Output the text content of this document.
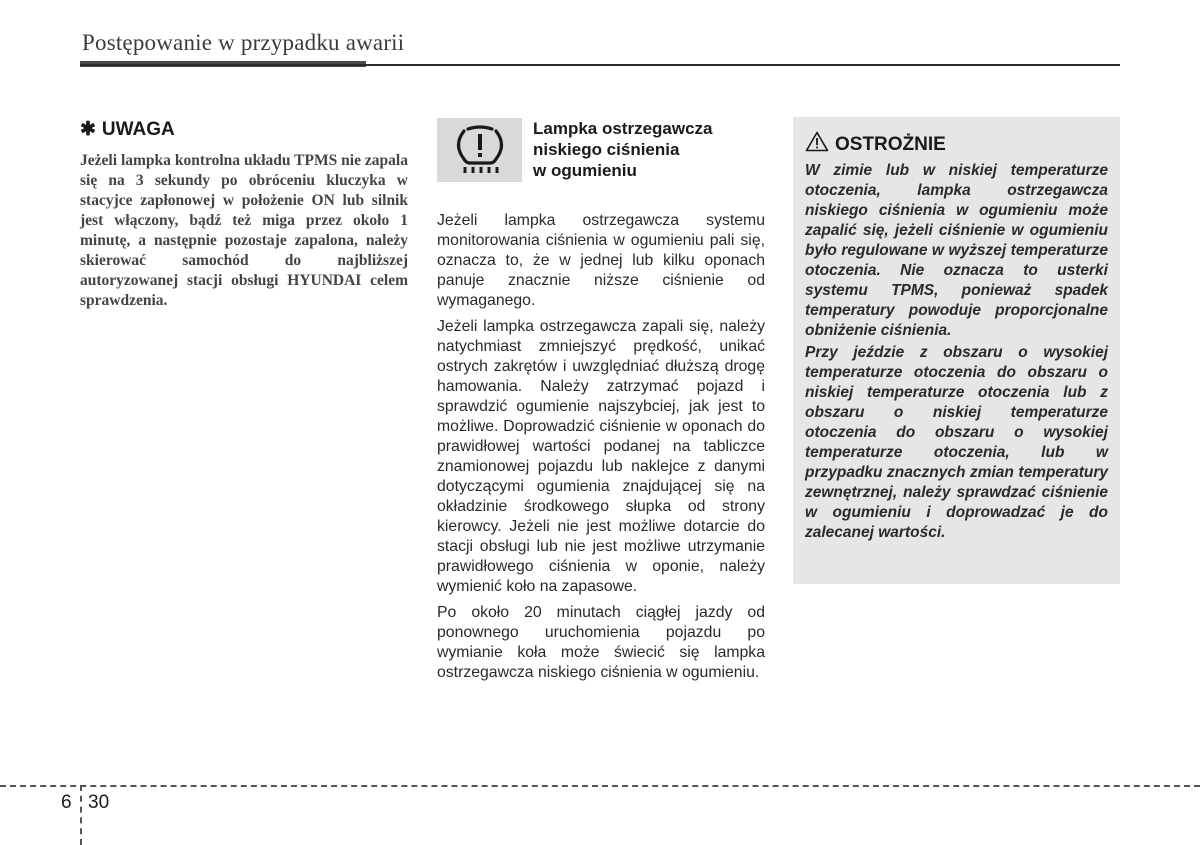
Postępowanie w przypadku awarii
✱ UWAGA

Jeżeli lampka kontrolna układu TPMS nie zapala się na 3 sekundy po obróceniu kluczyka w stacyjce zapłonowej w położenie ON lub silnik jest włączony, bądź też miga przez około 1 minutę, a następnie pozostaje zapalona, należy skierować samochód do najbliższej autoryzowanej stacji obsługi HYUNDAI celem sprawdzenia.

Lampka ostrzegawcza
niskiego ciśnienia
w ogumieniu

Jeżeli lampka ostrzegawcza systemu monitorowania ciśnienia w ogumieniu pali się, oznacza to, że w jednej lub kilku oponach panuje znacznie niższe ciśnienie od wymaganego.

Jeżeli lampka ostrzegawcza zapali się, należy natychmiast zmniejszyć prędkość, unikać ostrych zakrętów i uwzględniać dłuższą drogę hamowania. Należy zatrzymać pojazd i sprawdzić ogumienie najszybciej, jak jest to możliwe. Doprowadzić ciśnienie w oponach do prawidłowej wartości podanej na tabliczce znamionowej pojazdu lub naklejce z danymi dotyczącymi ogumienia znajdującej się na okładzinie środkowego słupka od strony kierowcy. Jeżeli nie jest możliwe dotarcie do stacji obsługi lub nie jest możliwe utrzymanie prawidłowego ciśnienia w oponie, należy wymienić koło na zapasowe.

Po około 20 minutach ciągłej jazdy od ponownego uruchomienia pojazdu po wymianie koła może świecić się lampka ostrzegawcza niskiego ciśnienia w ogumieniu.

OSTROŻNIE

W zimie lub w niskiej temperaturze otoczenia, lampka ostrzegawcza niskiego ciśnienia w ogumieniu może zapalić się, jeżeli ciśnienie w ogumieniu było regulowane w wyższej temperaturze otoczenia. Nie oznacza to usterki systemu TPMS, ponieważ spadek temperatury powoduje proporcjonalne obniżenie ciśnienia.

Przy jeździe z obszaru o wysokiej temperaturze otoczenia do obszaru o niskiej temperaturze otoczenia lub z obszaru o niskiej temperaturze otoczenia do obszaru o wysokiej temperaturze otoczenia, lub w przypadku znacznych zmian temperatury zewnętrznej, należy sprawdzać ciśnienie w ogumieniu i doprowadzać je do zalecanej wartości.

6 30
